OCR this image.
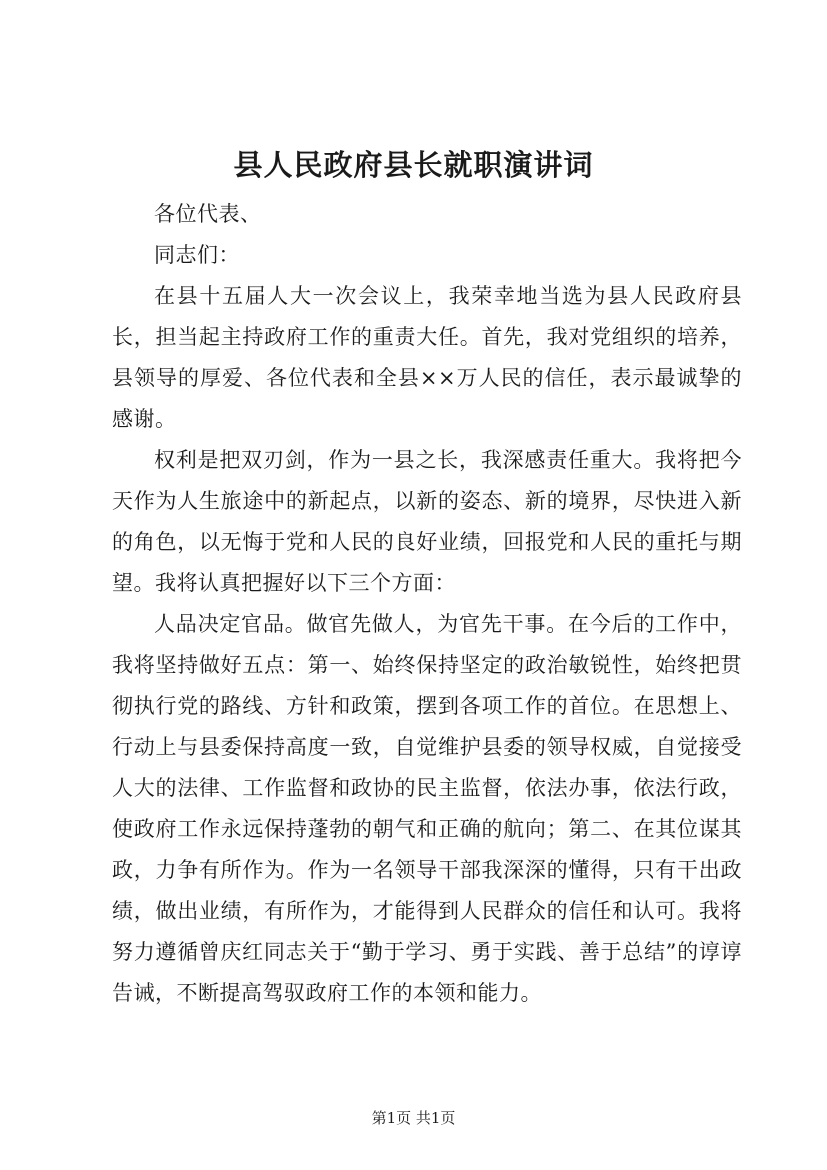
县人民政府县长就职演讲词

各位代表、

同志们：

在县十五届人大一次会议上，我荣幸地当选为县人民政府县长，担当起主持政府工作的重责大任。首先，我对党组织的培养，县领导的厚爱、各位代表和全县××万人民的信任，表示最诚挚的感谢。

权利是把双刃剑，作为一县之长，我深感责任重大。我将把今天作为人生旅途中的新起点，以新的姿态、新的境界，尽快进入新的角色，以无悔于党和人民的良好业绩，回报党和人民的重托与期望。我将认真把握好以下三个方面：

人品决定官品。做官先做人，为官先干事。在今后的工作中，我将坚持做好五点：第一、始终保持坚定的政治敏锐性，始终把贯彻执行党的路线、方针和政策，摆到各项工作的首位。在思想上、行动上与县委保持高度一致，自觉维护县委的领导权威，自觉接受人大的法律、工作监督和政协的民主监督，依法办事，依法行政，使政府工作永远保持蓬勃的朝气和正确的航向；第二、在其位谋其政，力争有所作为。作为一名领导干部我深深的懂得，只有干出政绩，做出业绩，有所作为，才能得到人民群众的信任和认可。我将努力遵循曾庆红同志关于“勤于学习、勇于实践、善于总结”的谆谆告诫，不断提高驾驭政府工作的本领和能力。

第1页 共1页
